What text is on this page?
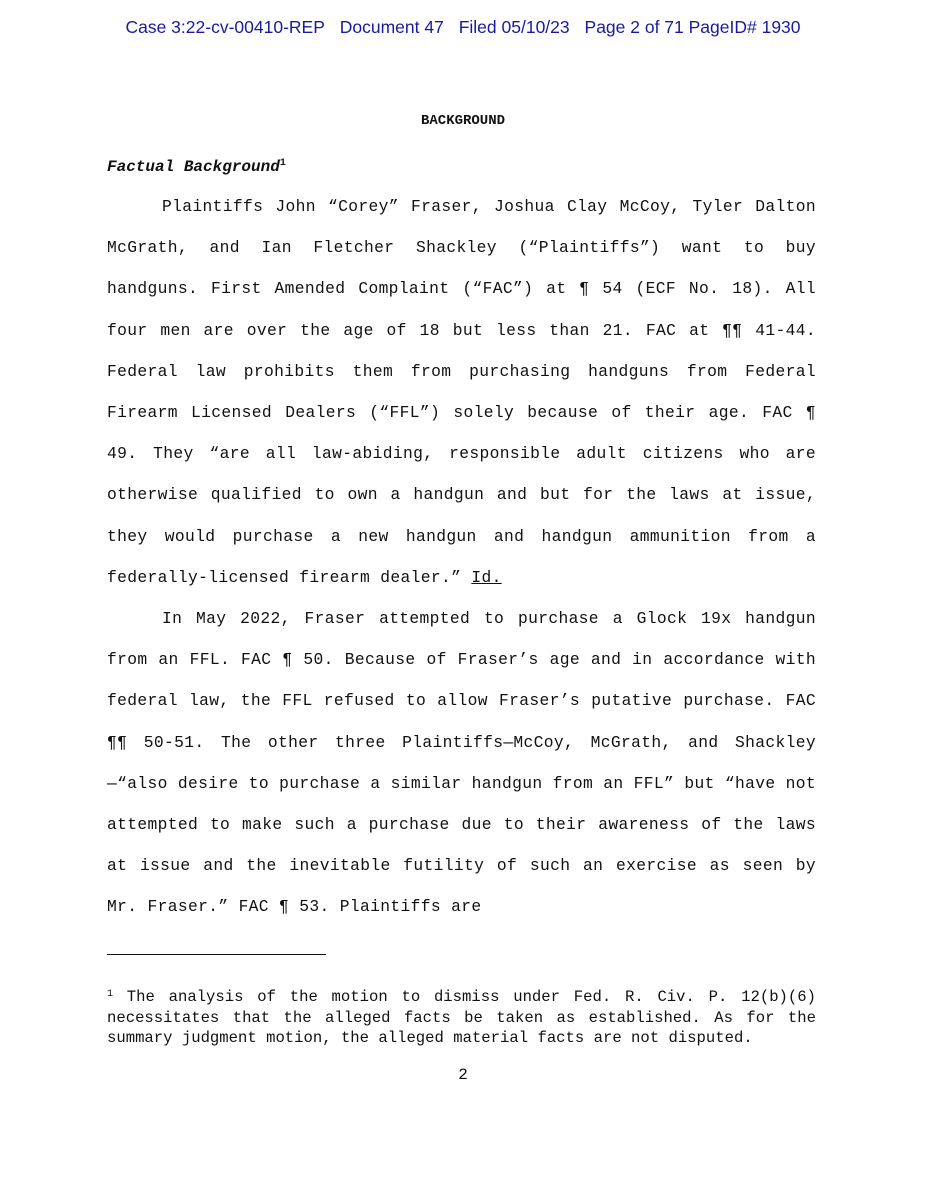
Case 3:22-cv-00410-REP Document 47 Filed 05/10/23 Page 2 of 71 PageID# 1930
BACKGROUND
Factual Background$^1$
Plaintiffs John “Corey” Fraser, Joshua Clay McCoy, Tyler Dalton McGrath, and Ian Fletcher Shackley (“Plaintiffs”) want to buy handguns. First Amended Complaint (“FAC”) at ¶ 54 (ECF No. 18). All four men are over the age of 18 but less than 21. FAC at ¶¶ 41-44. Federal law prohibits them from purchasing handguns from Federal Firearm Licensed Dealers (“FFL”) solely because of their age. FAC ¶ 49. They “are all law-abiding, responsible adult citizens who are otherwise qualified to own a handgun and but for the laws at issue, they would purchase a new handgun and handgun ammunition from a federally-licensed firearm dealer.” Id.
In May 2022, Fraser attempted to purchase a Glock 19x handgun from an FFL. FAC ¶ 50. Because of Fraser’s age and in accordance with federal law, the FFL refused to allow Fraser’s putative purchase. FAC ¶¶ 50-51. The other three Plaintiffs—McCoy, McGrath, and Shackley—“also desire to purchase a similar handgun from an FFL” but “have not attempted to make such a purchase due to their awareness of the laws at issue and the inevitable futility of such an exercise as seen by Mr. Fraser.” FAC ¶ 53. Plaintiffs are
$^1$ The analysis of the motion to dismiss under Fed. R. Civ. P. 12(b)(6) necessitates that the alleged facts be taken as established. As for the summary judgment motion, the alleged material facts are not disputed.
2
